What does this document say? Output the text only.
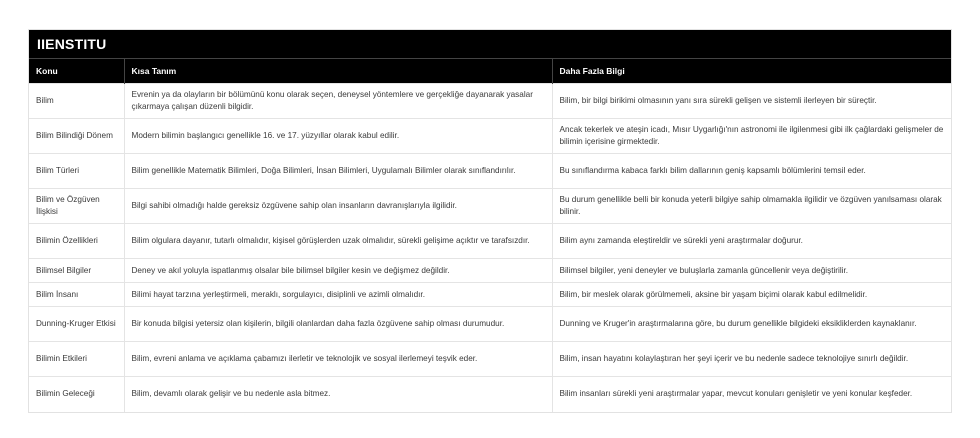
IIENSTITU
Konu	Kısa Tanım	Daha Fazla Bilgi
Bilim	Evrenin ya da olayların bir bölümünü konu olarak seçen, deneysel yöntemlere ve gerçekliğe dayanarak yasalar çıkarmaya çalışan düzenli bilgidir.	Bilim, bir bilgi birikimi olmasının yanı sıra sürekli gelişen ve sistemli ilerleyen bir süreçtir.
Bilim Bilindiği Dönem	Modern bilimin başlangıcı genellikle 16. ve 17. yüzyıllar olarak kabul edilir.	Ancak tekerlek ve ateşin icadı, Mısır Uygarlığı'nın astronomi ile ilgilenmesi gibi ilk çağlardaki gelişmeler de bilimin içerisine girmektedir.
Bilim Türleri	Bilim genellikle Matematik Bilimleri, Doğa Bilimleri, İnsan Bilimleri, Uygulamalı Bilimler olarak sınıflandırılır.	Bu sınıflandırma kabaca farklı bilim dallarının geniş kapsamlı bölümlerini temsil eder.
Bilim ve Özgüven İlişkisi	Bilgi sahibi olmadığı halde gereksiz özgüvene sahip olan insanların davranışlarıyla ilgilidir.	Bu durum genellikle belli bir konuda yeterli bilgiye sahip olmamakla ilgilidir ve özgüven yanılsaması olarak bilinir.
Bilimin Özellikleri	Bilim olgulara dayanır, tutarlı olmalıdır, kişisel görüşlerden uzak olmalıdır, sürekli gelişime açıktır ve tarafsızdır.	Bilim aynı zamanda eleştireldir ve sürekli yeni araştırmalar doğurur.
Bilimsel Bilgiler	Deney ve akıl yoluyla ispatlanmış olsalar bile bilimsel bilgiler kesin ve değişmez değildir.	Bilimsel bilgiler, yeni deneyler ve buluşlarla zamanla güncellenir veya değiştirilir.
Bilim İnsanı	Bilimi hayat tarzına yerleştirmeli, meraklı, sorgulayıcı, disiplinli ve azimli olmalıdır.	Bilim, bir meslek olarak görülmemeli, aksine bir yaşam biçimi olarak kabul edilmelidir.
Dunning-Kruger Etkisi	Bir konuda bilgisi yetersiz olan kişilerin, bilgili olanlardan daha fazla özgüvene sahip olması durumudur.	Dunning ve Kruger'in araştırmalarına göre, bu durum genellikle bilgideki eksikliklerden kaynaklanır.
Bilimin Etkileri	Bilim, evreni anlama ve açıklama çabamızı ilerletir ve teknolojik ve sosyal ilerlemeyi teşvik eder.	Bilim, insan hayatını kolaylaştıran her şeyi içerir ve bu nedenle sadece teknolojiye sınırlı değildir.
Bilimin Geleceği	Bilim, devamlı olarak gelişir ve bu nedenle asla bitmez.	Bilim insanları sürekli yeni araştırmalar yapar, mevcut konuları genişletir ve yeni konular keşfeder.
